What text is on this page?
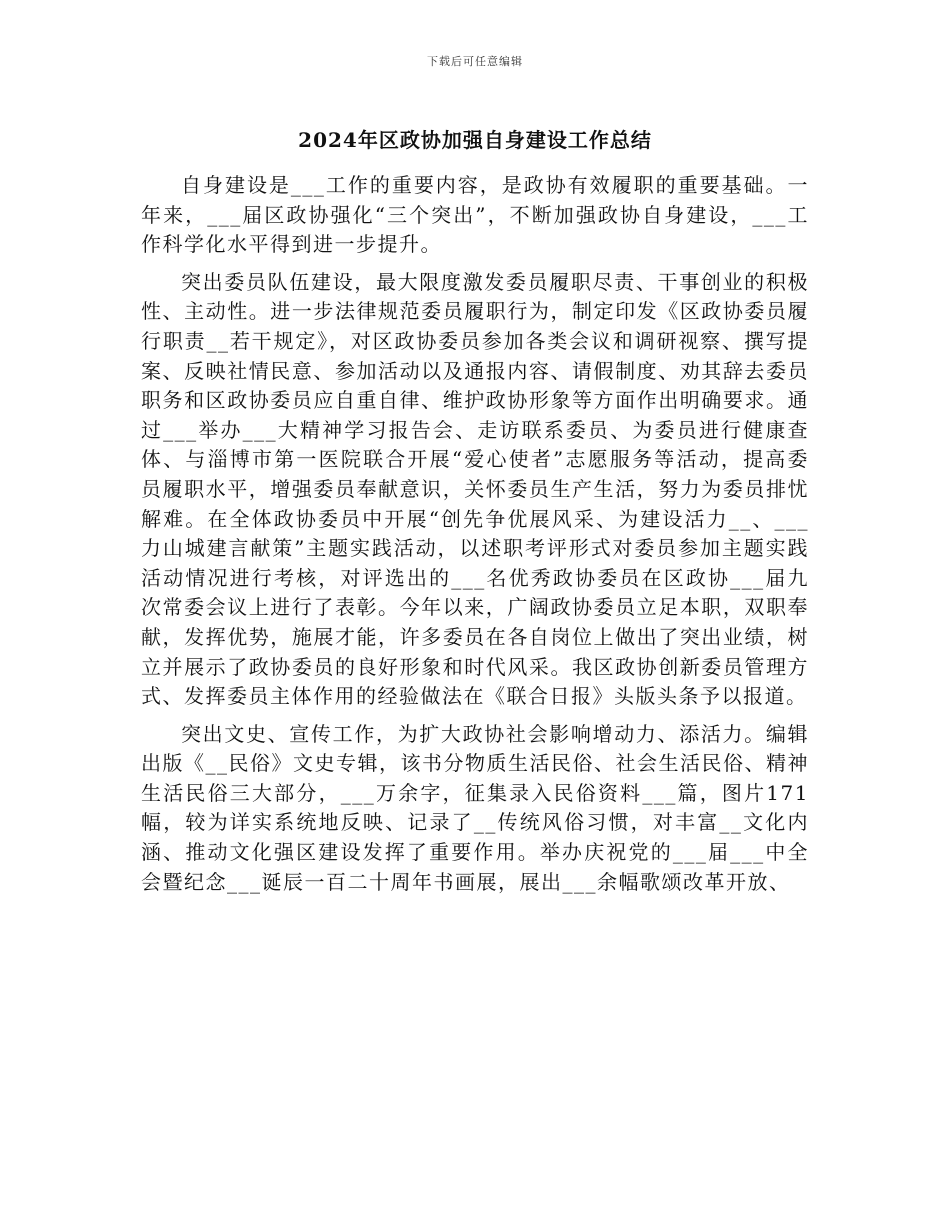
下载后可任意编辑
2024年区政协加强自身建设工作总结

自身建设是___工作的重要内容，是政协有效履职的重要基础。一年来，___届区政协强化“三个突出”，不断加强政协自身建设，___工作科学化水平得到进一步提升。

突出委员队伍建设，最大限度激发委员履职尽责、干事创业的积极性、主动性。进一步法律规范委员履职行为，制定印发《区政协委员履行职责__若干规定》，对区政协委员参加各类会议和调研视察、撰写提案、反映社情民意、参加活动以及通报内容、请假制度、劝其辞去委员职务和区政协委员应自重自律、维护政协形象等方面作出明确要求。通过___举办___大精神学习报告会、走访联系委员、为委员进行健康查体、与淄博市第一医院联合开展“爱心使者”志愿服务等活动，提高委员履职水平，增强委员奉献意识，关怀委员生产生活，努力为委员排忧解难。在全体政协委员中开展“创先争优展风采、为建设活力__、___力山城建言献策”主题实践活动，以述职考评形式对委员参加主题实践活动情况进行考核，对评选出的___名优秀政协委员在区政协___届九次常委会议上进行了表彰。今年以来，广阔政协委员立足本职，双职奉献，发挥优势，施展才能，许多委员在各自岗位上做出了突出业绩，树立并展示了政协委员的良好形象和时代风采。我区政协创新委员管理方式、发挥委员主体作用的经验做法在《联合日报》头版头条予以报道。

突出文史、宣传工作，为扩大政协社会影响增动力、添活力。编辑出版《__民俗》文史专辑，该书分物质生活民俗、社会生活民俗、精神生活民俗三大部分，___万余字，征集录入民俗资料___篇，图片171幅，较为详实系统地反映、记录了__传统风俗习惯，对丰富__文化内涵、推动文化强区建设发挥了重要作用。举办庆祝党的___届___中全会暨纪念___诞辰一百二十周年书画展，展出___余幅歌颂改革开放、
